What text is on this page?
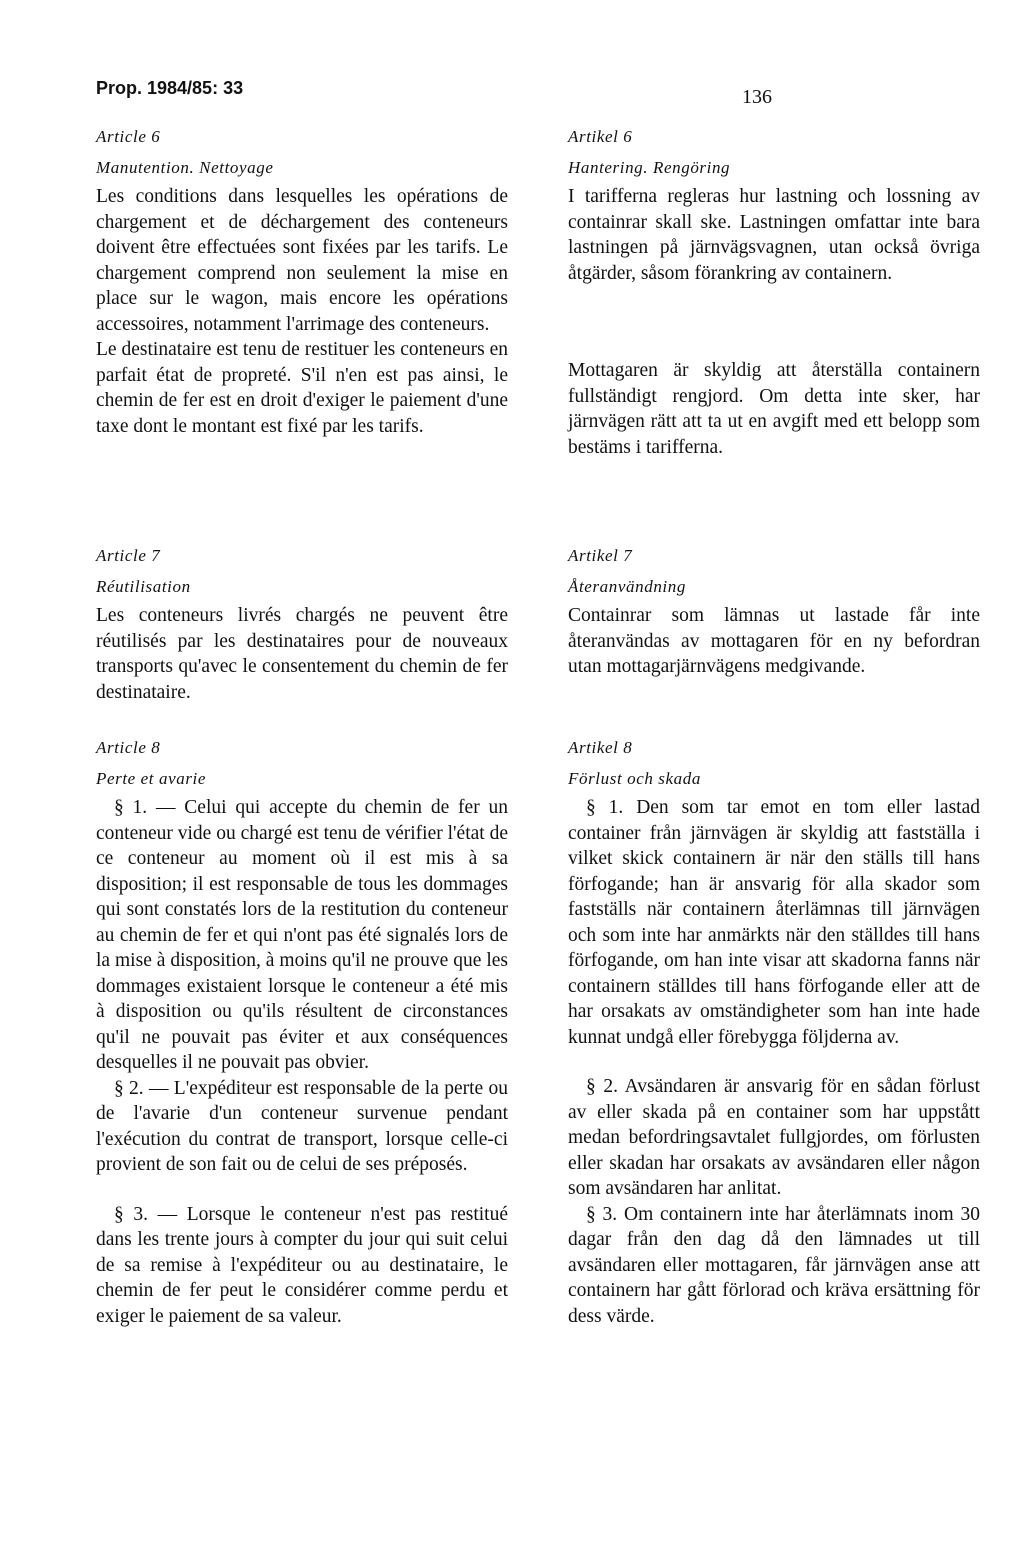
Prop. 1984/85: 33	136
Article 6
Manutention. Nettoyage

Les conditions dans lesquelles les opérations de chargement et de déchargement des conteneurs doivent être effectuées sont fixées par les tarifs. Le chargement comprend non seulement la mise en place sur le wagon, mais encore les opérations accessoires, notamment l'arrimage des conteneurs.

Le destinataire est tenu de restituer les conteneurs en parfait état de propreté. S'il n'en est pas ainsi, le chemin de fer est en droit d'exiger le paiement d'une taxe dont le montant est fixé par les tarifs.

Article 7
Réutilisation

Les conteneurs livrés chargés ne peuvent être réutilisés par les destinataires pour de nouveaux transports qu'avec le consentement du chemin de fer destinataire.

Article 8
Perte et avarie

§ 1. — Celui qui accepte du chemin de fer un conteneur vide ou chargé est tenu de vérifier l'état de ce conteneur au moment où il est mis à sa disposition; il est responsable de tous les dommages qui sont constatés lors de la restitution du conteneur au chemin de fer et qui n'ont pas été signalés lors de la mise à disposition, à moins qu'il ne prouve que les dommages existaient lorsque le conteneur a été mis à disposition ou qu'ils résultent de circonstances qu'il ne pouvait pas éviter et aux conséquences desquelles il ne pouvait pas obvier.

§ 2. — L'expéditeur est responsable de la perte ou de l'avarie d'un conteneur survenue pendant l'exécution du contrat de transport, lorsque celle-ci provient de son fait ou de celui de ses préposés.

§ 3. — Lorsque le conteneur n'est pas restitué dans les trente jours à compter du jour qui suit celui de sa remise à l'expéditeur ou au destinataire, le chemin de fer peut le considérer comme perdu et exiger le paiement de sa valeur.

Artikel 6
Hantering. Rengöring

I tarifferna regleras hur lastning och lossning av containrar skall ske. Lastningen omfattar inte bara lastningen på järnvägsvagnen, utan också övriga åtgärder, såsom förankring av containern.

Mottagaren är skyldig att återställa containern fullständigt rengjord. Om detta inte sker, har järnvägen rätt att ta ut en avgift med ett belopp som bestäms i tarifferna.

Artikel 7
Återanvändning

Containrar som lämnas ut lastade får inte återanvändas av mottagaren för en ny befordran utan mottagarjärnvägens medgivande.

Artikel 8
Förlust och skada

§ 1. Den som tar emot en tom eller lastad container från järnvägen är skyldig att fastställa i vilket skick containern är när den ställs till hans förfogande; han är ansvarig för alla skador som fastställs när containern återlämnas till järnvägen och som inte har anmärkts när den ställdes till hans förfogande, om han inte visar att skadorna fanns när containern ställdes till hans förfogande eller att de har orsakats av omständigheter som han inte hade kunnat undgå eller förebygga följderna av.

§ 2. Avsändaren är ansvarig för en sådan förlust av eller skada på en container som har uppstått medan befordringsavtalet fullgjordes, om förlusten eller skadan har orsakats av avsändaren eller någon som avsändaren har anlitat.

§ 3. Om containern inte har återlämnats inom 30 dagar från den dag då den lämnades ut till avsändaren eller mottagaren, får järnvägen anse att containern har gått förlorad och kräva ersättning för dess värde.
